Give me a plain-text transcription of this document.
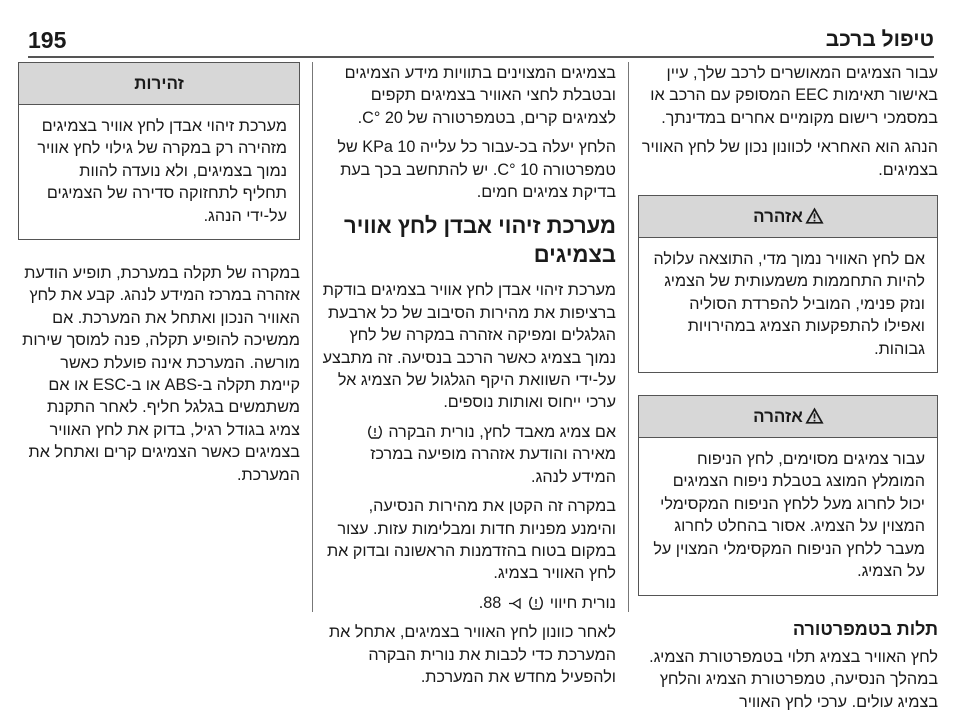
טיפול ברכב
195

עבור הצמיגים המאושרים לרכב שלך, עיין באישור תאימות EEC המסופק עם הרכב או במסמכי רישום מקומיים אחרים במדינתך.

הנהג הוא האחראי לכוונון נכון של לחץ האוויר בצמיגים.

אזהרה
אם לחץ האוויר נמוך מדי, התוצאה עלולה להיות התחממות משמעותית של הצמיג ונזק פנימי, המוביל להפרדת הסוליה ואפילו להתפקעות הצמיג במהירויות גבוהות.
אזהרה
עבור צמיגים מסוימים, לחץ הניפוח המומלץ המוצג בטבלת ניפוח הצמיגים יכול לחרוג מעל ללחץ הניפוח המקסימלי המצוין על הצמיג. אסור בהחלט לחרוג מעבר ללחץ הניפוח המקסימלי המצוין על על הצמיג.
תלות בטמפרטורה

לחץ האוויר בצמיג תלוי בטמפרטורת הצמיג. במהלך הנסיעה, טמפרטורת הצמיג והלחץ בצמיג עולים. ערכי לחץ האוויר

בצמיגים המצוינים בתוויות מידע הצמיגים ובטבלת לחצי האוויר בצמיגים תקפים לצמיגים קרים, בטמפרטורה של 20 °C.

הלחץ יעלה בכ-עבור כל עלייה 10 KPa של טמפרטורה 10 °C. יש להתחשב בכך בעת בדיקת צמיגים חמים.

מערכת זיהוי אבדן לחץ אוויר בצמיגים

מערכת זיהוי אבדן לחץ אוויר בצמיגים בודקת ברציפות את מהירות הסיבוב של כל ארבעת הגלגלים ומפיקה אזהרה במקרה של לחץ נמוך בצמיג כאשר הרכב בנסיעה. זה מתבצע על-ידי השוואת היקף הגלגול של הצמיג אל ערכי ייחוס ואותות נוספים.

אם צמיג מאבד לחץ, נורית הבקרה  מאירה והודעת אזהרה מופיעה במרכז המידע לנהג.

במקרה זה הקטן את מהירות הנסיעה, והימנע מפניות חדות ומבלימות עזות. עצור במקום בטוח בהזדמנות הראשונה ובדוק את לחץ האוויר בצמיג.

נורית חיווי   88.

לאחר כוונון לחץ האוויר בצמיגים, אתחל את המערכת כדי לכבות את נורית הבקרה ולהפעיל מחדש את המערכת.

זהירות
מערכת זיהוי אבדן לחץ אוויר בצמיגים מזהירה רק במקרה של גילוי לחץ אוויר נמוך בצמיגים, ולא נועדה להוות תחליף לתחזוקה סדירה של הצמיגים על-ידי הנהג.

במקרה של תקלה במערכת, תופיע הודעת אזהרה במרכז המידע לנהג. קבע את לחץ האוויר הנכון ואתחל את המערכת. אם ממשיכה להופיע תקלה, פנה למוסך שירות מורשה. המערכת אינה פועלת כאשר קיימת תקלה ב-ABS או ב-ESC או אם משתמשים בגלגל חליף. לאחר התקנת צמיג בגודל רגיל, בדוק את לחץ האוויר בצמיגים כאשר הצמיגים קרים ואתחל את המערכת.
